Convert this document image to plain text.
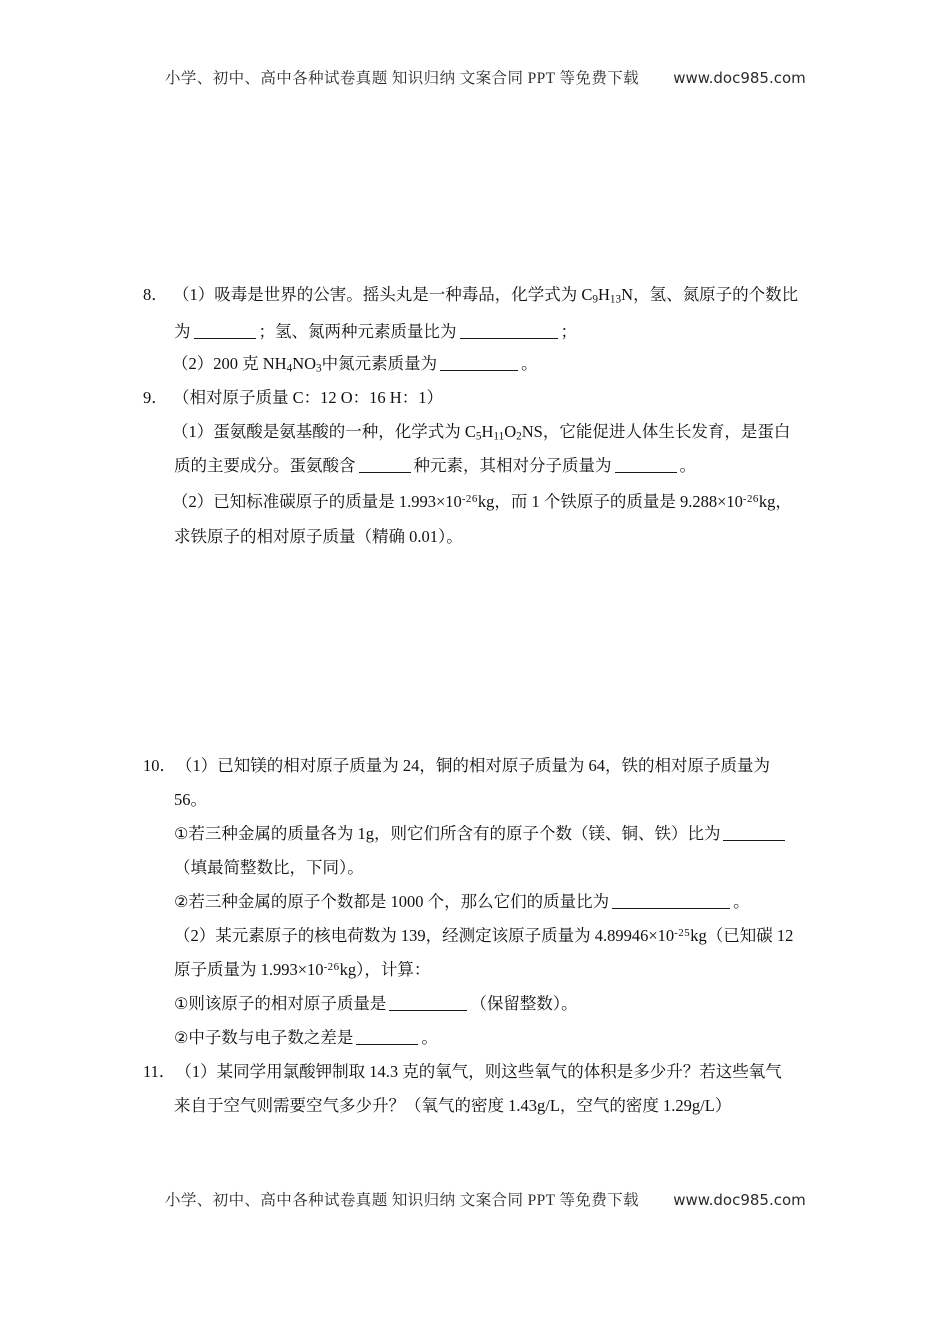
小学、初中、高中各种试卷真题 知识归纳 文案合同 PPT 等免费下载 www.doc985.com
8． （1）吸毒是世界的公害。摇头丸是一种毒品，化学式为 $C_9H_{13}N$，氢、氮原子的个数比
为	；氢、氮两种元素质量比为	；
（2）200 克 $NH_4NO_3$中氮元素质量为	。
9． （相对原子质量 C：12 O：16 H：1）
（1）蛋氨酸是氨基酸的一种，化学式为 $C_5H_{11}O_2NS$，它能促进人体生长发育，是蛋白
质的主要成分。蛋氨酸含	种元素，其相对分子质量为	。
（2）已知标准碳原子的质量是 $1.993\times 10^{-26}kg$，而 1 个铁原子的质量是 $9.288\times 10^{-26}kg$，
求铁原子的相对原子质量（精确 0.01）。
10．（1）已知镁的相对原子质量为 24，铜的相对原子质量为 64，铁的相对原子质量为
56。
①若三种金属的质量各为 1g，则它们所含有的原子个数（镁、铜、铁）比为
（填最简整数比，下同）。
②若三种金属的原子个数都是 1000 个，那么它们的质量比为	。
（2）某元素原子的核电荷数为 139，经测定该原子质量为 $4.89946\times 10^{-25}kg$（已知碳 12
原子质量为 $1.993\times 10^{-26}kg$），计算：
①则该原子的相对原子质量是	（保留整数）。
②中子数与电子数之差是	。
11．（1）某同学用氯酸钾制取 14.3 克的氧气，则这些氧气的体积是多少升？若这些氧气
来自于空气则需要空气多少升？（氧气的密度 1.43g/L，空气的密度 1.29g/L）
小学、初中、高中各种试卷真题 知识归纳 文案合同 PPT 等免费下载 www.doc985.com
